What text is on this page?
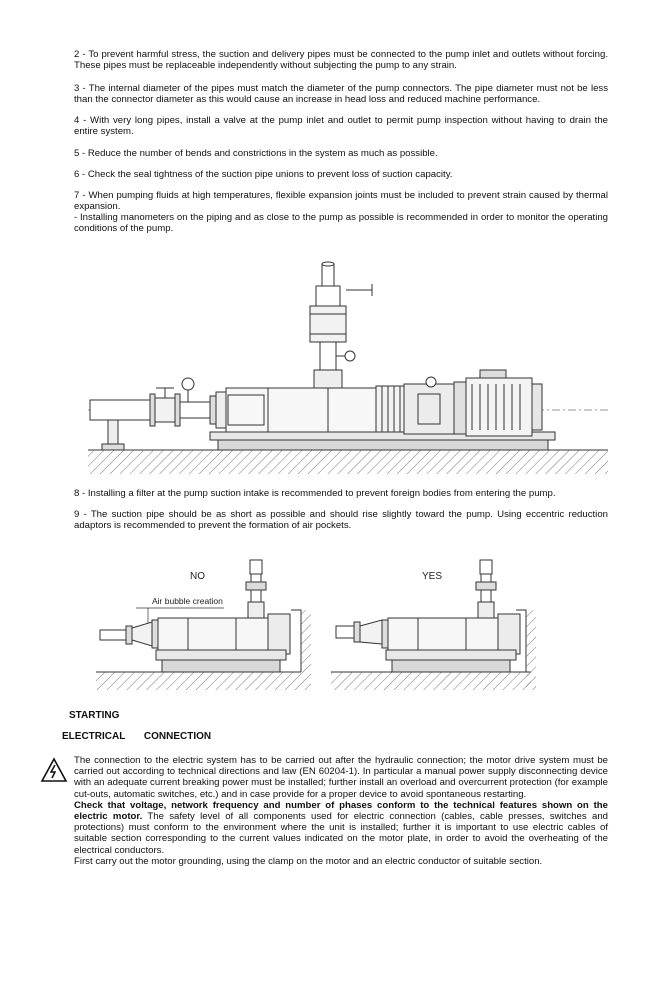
2 - To prevent harmful stress, the suction and delivery pipes must be connected to the pump inlet and outlets without forcing. These pipes must be replaceable independently without subjecting the pump to any strain.

3 - The internal diameter of the pipes must match the diameter of the pump connectors. The pipe diameter must not be less than the connector diameter as this would cause an increase in head loss and reduced machine performance.

4 - With very long pipes, install a valve at the pump inlet and outlet to permit pump inspection without having to drain the entire system.

5 - Reduce the number of bends and constrictions in the system as much as possible.

6 - Check the seal tightness of the suction pipe unions to prevent loss of suction capacity.

7 - When pumping fluids at high temperatures, flexible expansion joints must be included to prevent strain caused by thermal expansion.

- Installing manometers on the piping and as close to the pump as possible is recommended in order to monitor the operating conditions of the pump.

8 - Installing a filter at the pump suction intake is recommended to prevent foreign bodies from entering the pump.

9 - The suction pipe should be as short as possible and should rise slightly toward the pump. Using eccentric reduction adaptors is recommended to prevent the formation of air pockets.

NO	YES
Air bubble creation

STARTING

ELECTRICAL CONNECTION

The connection to the electric system has to be carried out after the hydraulic connection; the motor drive system must be carried out according to technical directions and law (EN 60204-1). In particular a manual power supply disconnecting device with an adequate current breaking power must be installed; further install an overload and overcurrent protection (for example cut-outs, automatic switches, etc.) and in case provide for a proper device to avoid spontaneous restarting.
Check that voltage, network frequency and number of phases conform to the technical features shown on the electric motor. The safety level of all components used for electric connection (cables, cable presses, switches and protections) must conform to the environment where the unit is installed; further it is important to use electric cables of suitable section corresponding to the current values indicated on the motor plate, in order to avoid the overheating of the electrical conductors.
First carry out the motor grounding, using the clamp on the motor and an electric conductor of suitable section.
